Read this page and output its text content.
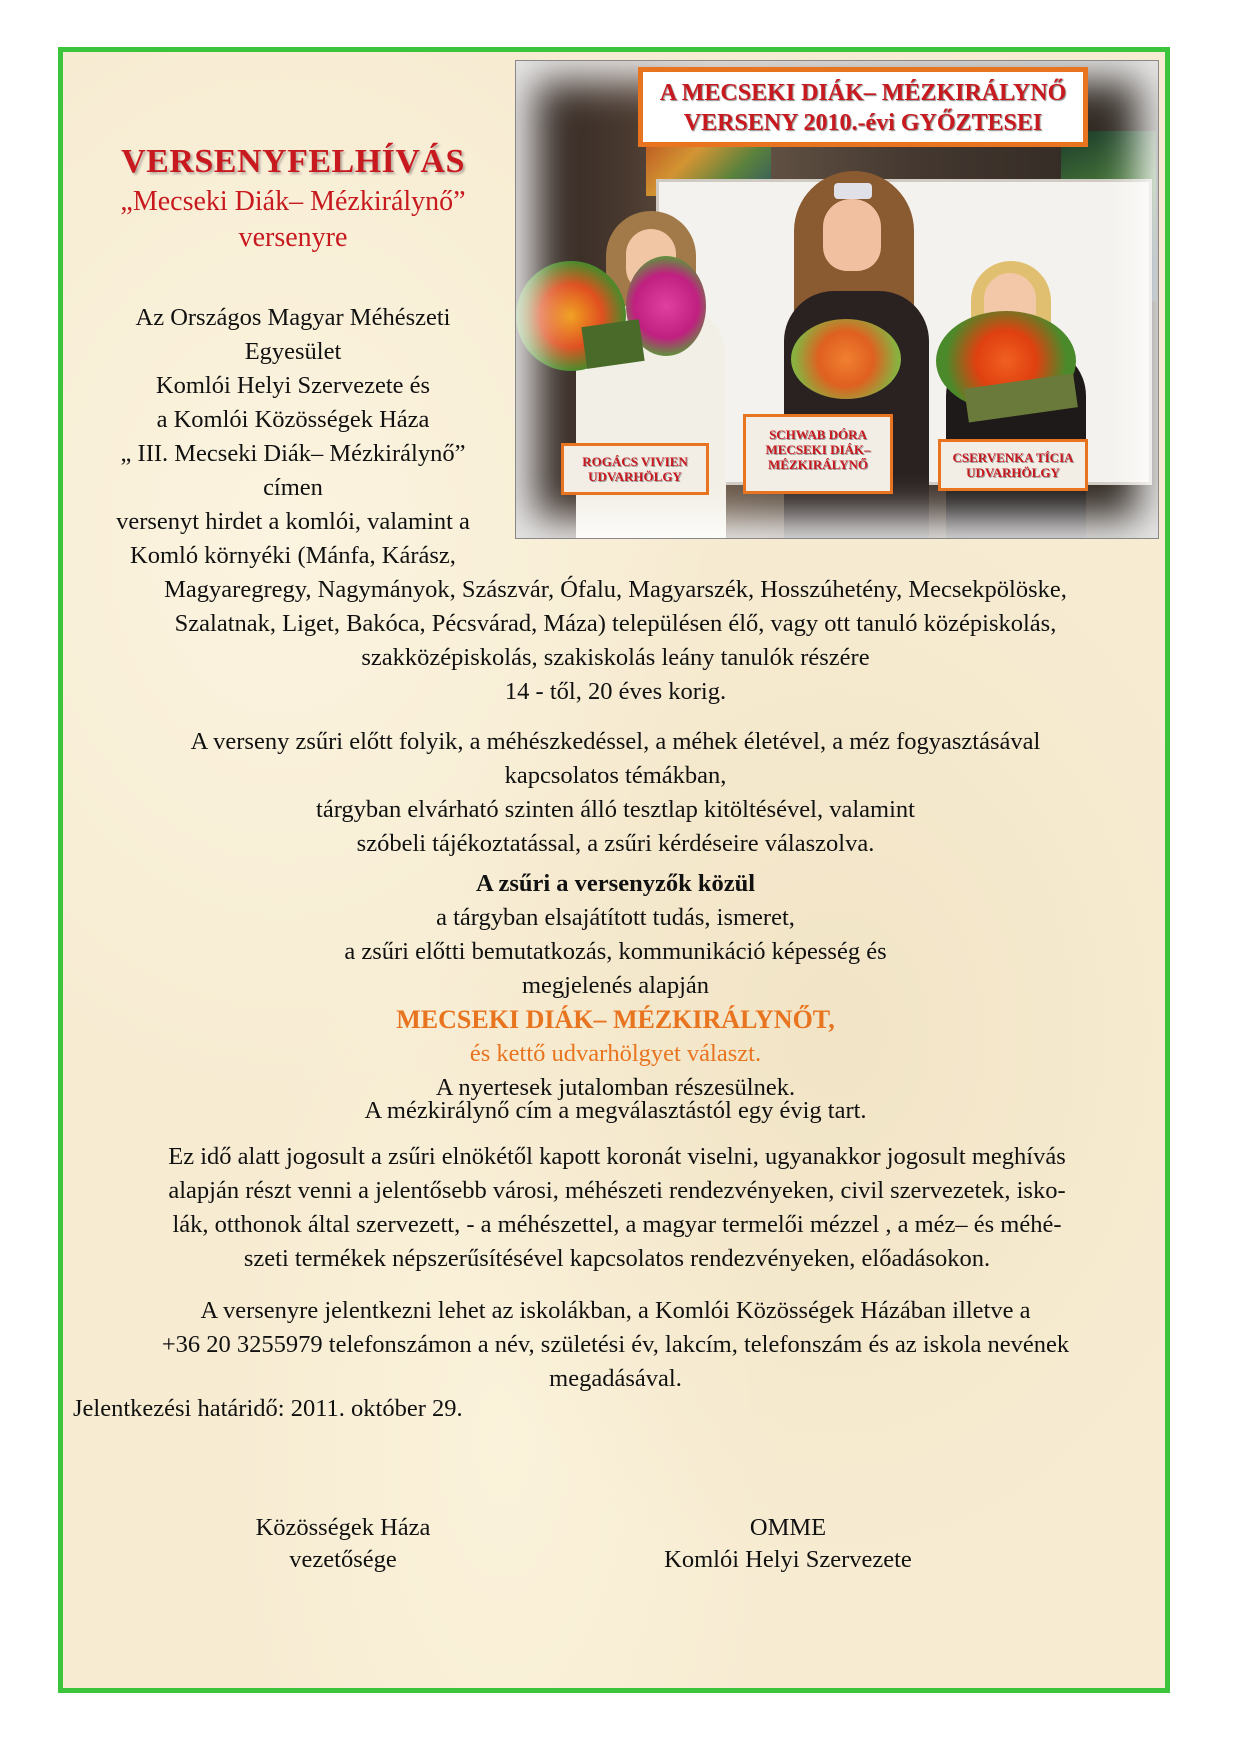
VERSENYFELHÍVÁS
„Mecseki Diák– Mézkirálynő”
versenyre
A MECSEKI DIÁK– MÉZKIRÁLYNŐ
VERSENY 2010.-évi GYŐZTESEI
ROGÁCS VIVIEN
UDVARHÖLGY
SCHWAB DÓRA
MECSEKI DIÁK–
MÉZKIRÁLYNŐ	CSERVENKA TÍCIA
UDVARHÖLGY
Az Országos Magyar Méhészeti
Egyesület
Komlói Helyi Szervezete és
a Komlói Közösségek Háza
„ III. Mecseki Diák– Mézkirálynő”
címen
versenyt hirdet a komlói, valamint a
Komló környéki (Mánfa, Kárász,
Magyaregregy, Nagymányok, Szászvár, Ófalu, Magyarszék, Hosszúhetény, Mecsekpölöske,
Szalatnak, Liget, Bakóca, Pécsvárad, Máza) településen élő, vagy ott tanuló középiskolás,
szakközépiskolás, szakiskolás leány tanulók részére
14 - től, 20 éves korig.
A verseny zsűri előtt folyik, a méhészkedéssel, a méhek életével, a méz fogyasztásával
kapcsolatos témákban,
tárgyban elvárható szinten álló tesztlap kitöltésével, valamint
szóbeli tájékoztatással, a zsűri kérdéseire válaszolva.
A zsűri a versenyzők közül
a tárgyban elsajátított tudás, ismeret,
a zsűri előtti bemutatkozás, kommunikáció képesség és
megjelenés alapján
MECSEKI DIÁK– MÉZKIRÁLYNŐT,
és kettő udvarhölgyet választ.
A nyertesek jutalomban részesülnek.
A mézkirálynő cím a megválasztástól egy évig tart.
Ez idő alatt jogosult a zsűri elnökétől kapott koronát viselni, ugyanakkor jogosult meghívás
alapján részt venni a jelentősebb városi, méhészeti rendezvényeken, civil szervezetek, isko-
lák, otthonok által szervezett, - a méhészettel, a magyar termelői mézzel , a méz– és méhé-
szeti termékek népszerűsítésével kapcsolatos rendezvényeken, előadásokon.
A versenyre jelentkezni lehet az iskolákban, a Komlói Közösségek Házában illetve a
+36 20 3255979 telefonszámon a név, születési év, lakcím, telefonszám és az iskola nevének
megadásával.
Jelentkezési határidő: 2011. október 29.
Közösségek Háza
vezetősége
OMME
Komlói Helyi Szervezete
